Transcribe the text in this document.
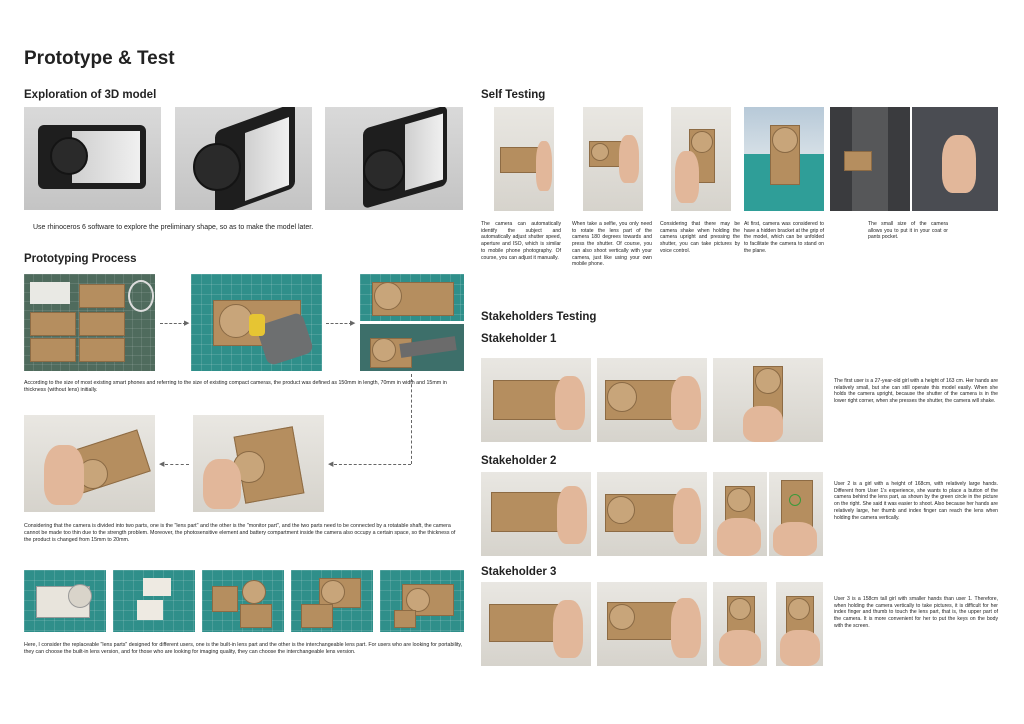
Prototype & Test
Exploration of 3D model
Use rhinoceros 6 software to explore the preliminary shape, so as to make the model later.
Prototyping Process
▶	▶
According to the size of most existing smart phones and referring to the size of existing compact cameras, the product was defined as 150mm in length, 70mm in width and 15mm in thickness (without lens) initially.
◀
◀
Considering that the camera is divided into two parts, one is the "lens part" and the other is the "monitor part", and the two parts need to be connected by a rotatable shaft, the camera cannot be made too thin due to the strength problem. Moreover, the photosensitive element and battery compartment inside the camera also occupy a certain space, so the thickness of the product is changed from 15mm to 20mm.
Here, I consider the replaceable "lens parts" designed for different users, one is the built-in lens part and the other is the interchangeable lens part. For users who are looking for portability, they can choose the built-in lens version, and for those who are looking for imaging quality, they can choose the interchangeable lens version.
Self Testing
The camera can automatically identify the subject and automatically adjust shutter speed, aperture and ISO, which is similar to mobile phone photography. Of course, you can adjust it manually.
When take a selfie, you only need to rotate the lens part of the camera 180 degrees towards and press the shutter. Of course, you can also shoot vertically with your camera, just like using your own mobile phone.
Considering that there may be camera shake when holding the camera upright and pressing the shutter, you can take pictures by voice control.
At first, camera was considered to have a hidden bracket at the grip of the model, which can be unfolded to facilitate the camera to stand on the plane.
The small size of the camera allows you to put it in your coat or pants pocket.
Stakeholders Testing
Stakeholder 1
The first user is a 27-year-old girl with a height of 163 cm. Her hands are relatively small, but she can still operate this model easily. When she holds the camera upright, because the shutter of the camera is in the lower right corner, when she presses the shutter, the camera will shake.
Stakeholder 2
User 2 is a girl with a height of 168cm, with relatively large hands. Different from User 1's experience, she wants to place a button of the camera behind the lens part, as shown by the green circle in the picture on the right. She said it was easier to shoot. Also because her hands are relatively large, her thumb and index finger can reach the lens when holding the camera vertically.
Stakeholder 3
User 3 is a 158cm tall girl with smaller hands than user 1. Therefore, when holding the camera vertically to take pictures, it is difficult for her index finger and thumb to touch the lens part, that is, the upper part of the camera. It is more convenient for her to put the keys on the body with the screen.
